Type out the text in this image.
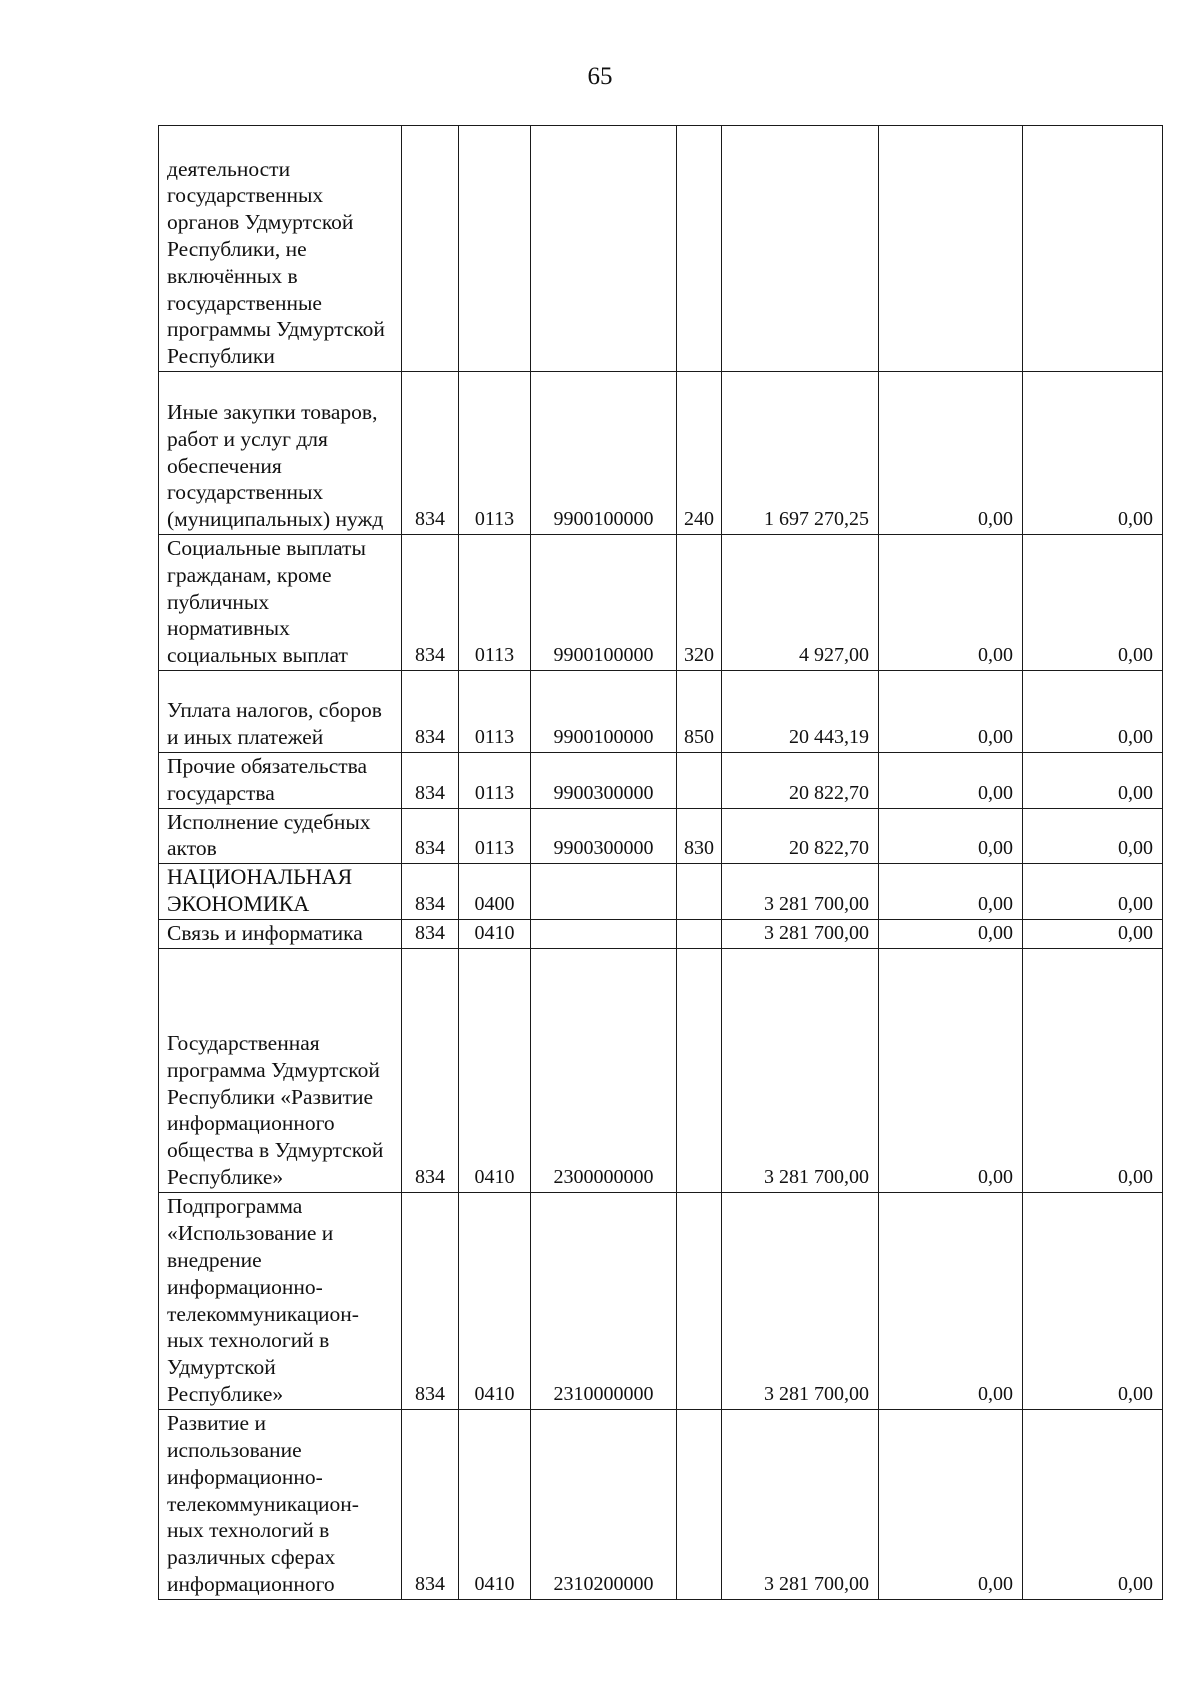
65
деятельности государственных органов Удмуртской Республики, не включённых в государственные программы Удмуртской Республики							
Иные закупки товаров, работ и услуг для обеспечения государственных (муниципальных) нужд	834	0113	9900100000	240	1 697 270,25	0,00	0,00
Социальные выплаты гражданам, кроме публичных нормативных социальных выплат	834	0113	9900100000	320	4 927,00	0,00	0,00
Уплата налогов, сборов и иных платежей	834	0113	9900100000	850	20 443,19	0,00	0,00
Прочие обязательства государства	834	0113	9900300000		20 822,70	0,00	0,00
Исполнение судебных актов	834	0113	9900300000	830	20 822,70	0,00	0,00
НАЦИОНАЛЬНАЯ ЭКОНОМИКА	834	0400			3 281 700,00	0,00	0,00
Связь и информатика	834	0410			3 281 700,00	0,00	0,00
Государственная программа Удмуртской Республики «Развитие информационного общества в Удмуртской Республике»	834	0410	2300000000		3 281 700,00	0,00	0,00
Подпрограмма «Использование и внедрение информационно-телекоммуникацион-ных технологий в Удмуртской Республике»	834	0410	2310000000		3 281 700,00	0,00	0,00
Развитие и использование информационно-телекоммуникацион-ных технологий в различных сферах информационного	834	0410	2310200000		3 281 700,00	0,00	0,00
